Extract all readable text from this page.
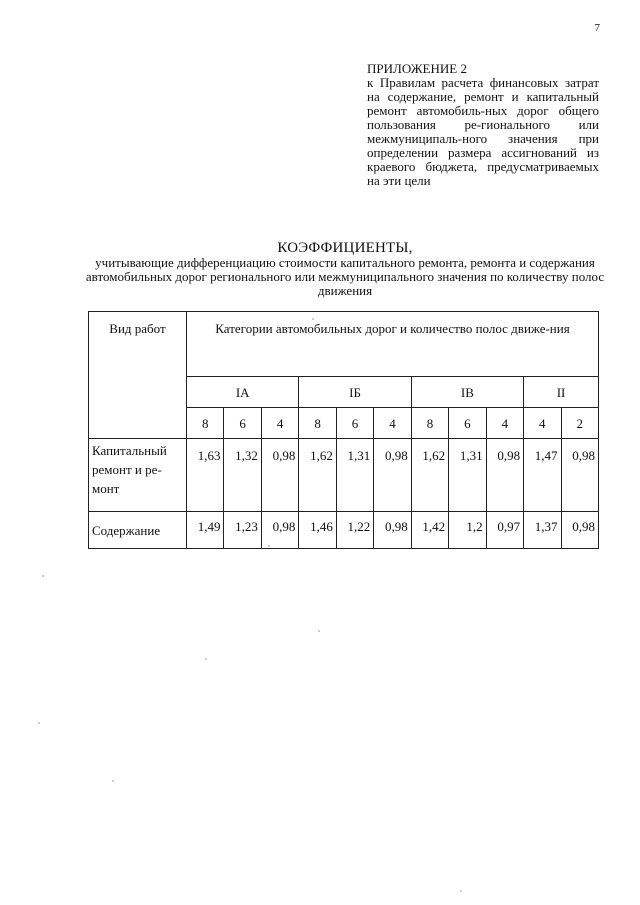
7
ПРИЛОЖЕНИЕ 2
к Правилам расчета финансовых затрат на содержание, ремонт и капитальный ремонт автомобиль-ных дорог общего пользования ре-гионального или межмуниципаль-ного значения при определении размера ассигнований из краевого бюджета, предусматриваемых на эти цели
КОЭФФИЦИЕНТЫ,
учитывающие дифференциацию стоимости капитального ремонта, ремонта и содержания автомобильных дорог регионального или межмуниципального значения по количеству полос движения
Вид работ	Категории автомобильных дорог и количество полос движе-ния										
	IA			IБ			IВ			II	
	8	6	4	8	6	4	8	6	4	4	2
Капитальный ремонт и ре-монт	1,63	1,32	0,98	1,62	1,31	0,98	1,62	1,31	0,98	1,47	0,98
Содержание	1,49	1,23	0,98	1,46	1,22	0,98	1,42	1,2	0,97	1,37	0,98
